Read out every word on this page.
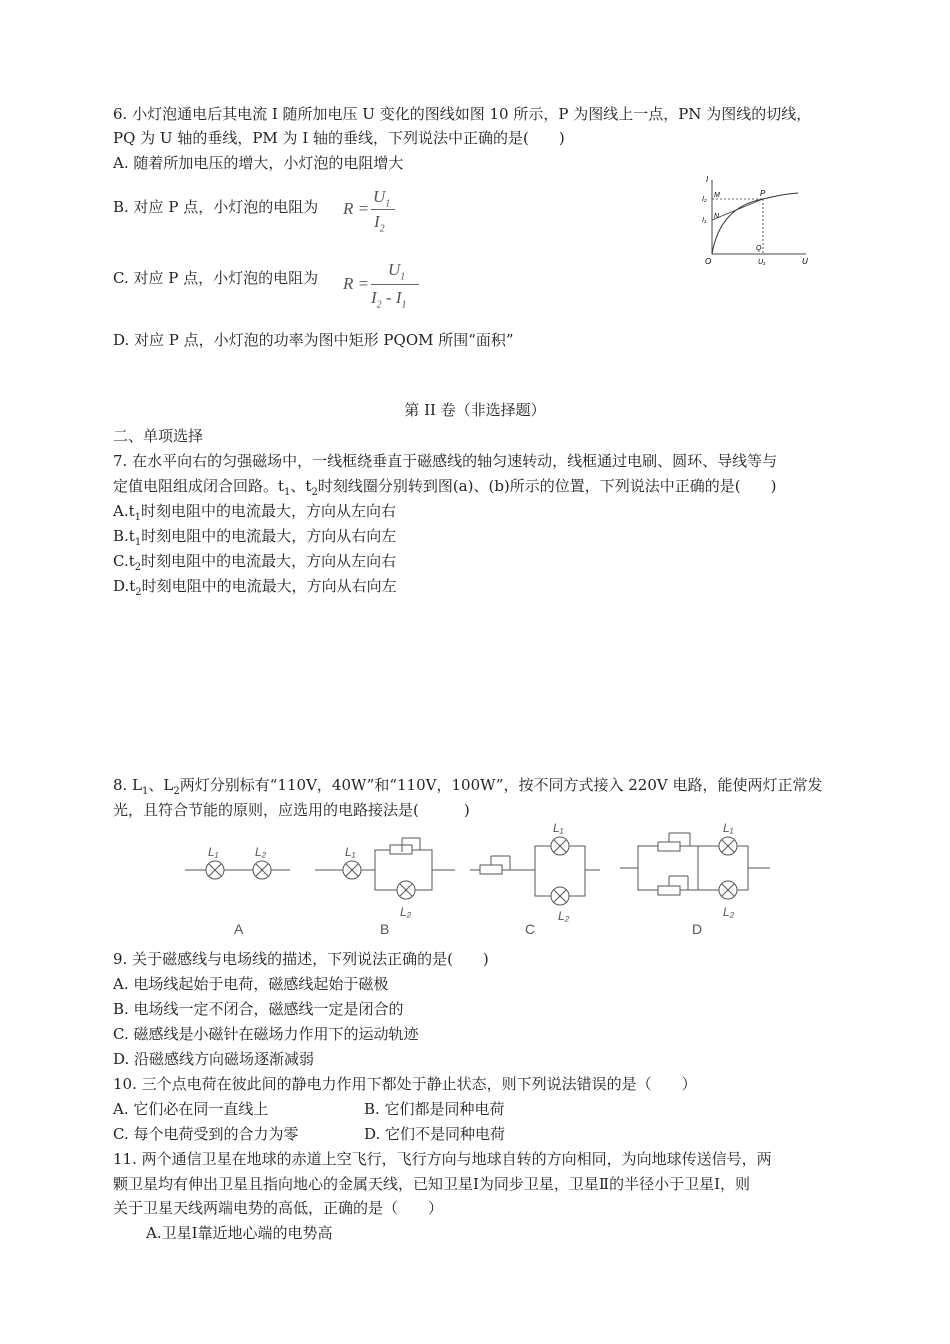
6. 小灯泡通电后其电流 I 随所加电压 U 变化的图线如图 10 所示，P 为图线上一点，PN 为图线的切线，
PQ 为 U 轴的垂线，PM 为 I 轴的垂线，下列说法中正确的是(　　)
A. 随着所加电压的增大，小灯泡的电阻增大
B. 对应 P 点，小灯泡的电阻为 R =
$U_1$
$I_2$
C. 对应 P 点，小灯泡的电阻为 R =
$U_1$
$I_2 - I_1$
D. 对应 P 点，小灯泡的功率为图中矩形 PQOM 所围“面积”
I
U
O
I₂
I₁
M
N
P
Q
U₁
第 II 卷（非选择题）
二、单项选择
7. 在水平向右的匀强磁场中，一线框绕垂直于磁感线的轴匀速转动，线框通过电刷、圆环、导线等与
定值电阻组成闭合回路。$t_1$、$t_2$时刻线圈分别转到图(a)、(b)所示的位置，下列说法中正确的是(　　)
$A.t_1$时刻电阻中的电流最大，方向从左向右
$B.t_1$时刻电阻中的电流最大，方向从右向左
$C.t_2$时刻电阻中的电流最大，方向从左向右
$D.t_2$时刻电阻中的电流最大，方向从右向左
8. $L_1$、$L_2$两灯分别标有“110V，40W”和“110V，100W”，按不同方式接入 220V 电路，能使两灯正常发
光，且符合节能的原则，应选用的电路接法是(　　　)
L₁	L₂
A
L₁
L₂
B
L₁
L₂
C
L₁
L₂
D
9. 关于磁感线与电场线的描述，下列说法正确的是(　　)
A. 电场线起始于电荷，磁感线起始于磁极
B. 电场线一定不闭合，磁感线一定是闭合的
C. 磁感线是小磁针在磁场力作用下的运动轨迹
D. 沿磁感线方向磁场逐渐减弱
10. 三个点电荷在彼此间的静电力作用下都处于静止状态，则下列说法错误的是（　　）
A. 它们必在同一直线上	B. 它们都是同种电荷
C. 每个电荷受到的合力为零	D. 它们不是同种电荷
11. 两个通信卫星在地球的赤道上空飞行，飞行方向与地球自转的方向相同，为向地球传送信号，两
颗卫星均有伸出卫星且指向地心的金属天线，已知卫星Ⅰ为同步卫星，卫星Ⅱ的半径小于卫星Ⅰ，则
关于卫星天线两端电势的高低，正确的是（　　）
A.卫星Ⅰ靠近地心端的电势高
